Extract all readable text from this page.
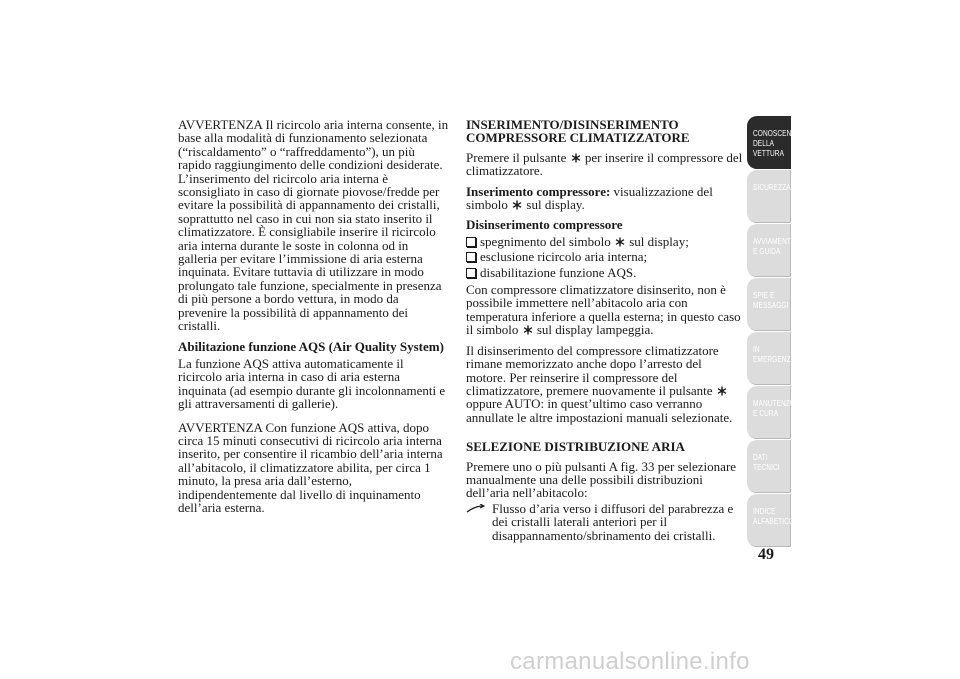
AVVERTENZA Il ricircolo aria interna consente, in base alla modalità di funzionamento selezionata (“riscaldamento” o “raffreddamento”), un più rapido raggiungimento delle condizioni desiderate. L’inserimento del ricircolo aria interna è sconsigliato in caso di giornate piovose/fredde per evitare la possibilità di appannamento dei cristalli, soprattutto nel caso in cui non sia stato inserito il climatizzatore. È consigliabile inserire il ricircolo aria interna durante le soste in colonna od in galleria per evitare l’immissione di aria esterna inquinata. Evitare tuttavia di utilizzare in modo prolungato tale funzione, specialmente in presenza di più persone a bordo vettura, in modo da prevenire la possibilità di appannamento dei cristalli.

Abilitazione funzione AQS (Air Quality System)

La funzione AQS attiva automaticamente il ricircolo aria interna in caso di aria esterna inquinata (ad esempio durante gli incolonnamenti e gli attraversamenti di gallerie).

AVVERTENZA Con funzione AQS attiva, dopo circa 15 minuti consecutivi di ricircolo aria interna inserito, per consentire il ricambio dell’aria interna all’abitacolo, il climatizzatore abilita, per circa 1 minuto, la presa aria dall’esterno, indipendentemente dal livello di inquinamento dell’aria esterna.

INSERIMENTO/DISINSERIMENTO COMPRESSORE CLIMATIZZATORE

Premere il pulsante per inserire il compressore del climatizzatore.

Inserimento compressore: visualizzazione del simbolo sul display.

Disinserimento compressore
spegnimento del simbolo sul display;
esclusione ricircolo aria interna;
disabilitazione funzione AQS.

Con compressore climatizzatore disinserito, non è possibile immettere nell’abitacolo aria con temperatura inferiore a quella esterna; in questo caso il simbolo sul display lampeggia.

Il disinserimento del compressore climatizzatore rimane memorizzato anche dopo l’arresto del motore. Per reinserire il compressore del climatizzatore, premere nuovamente il pulsante
oppure AUTO: in quest’ultimo caso verranno annullate le altre impostazioni manuali selezionate.

SELEZIONE DISTRIBUZIONE ARIA

Premere uno o più pulsanti A fig. 33 per selezionare manualmente una delle possibili distribuzioni dell’aria nell’abitacolo:

Flusso d’aria verso i diffusori del parabrezza e dei cristalli laterali anteriori per il disappannamento/sbrinamento dei cristalli.
CONOSCENZA DELLA VETTURA
SICUREZZA
AVVIAMENTO E GUIDA
SPIE E MESSAGGI
IN EMERGENZA
MANUTENZIONE E CURA
DATI TECNICI
INDICE ALFABETICO
49
carmanualsonline.info
